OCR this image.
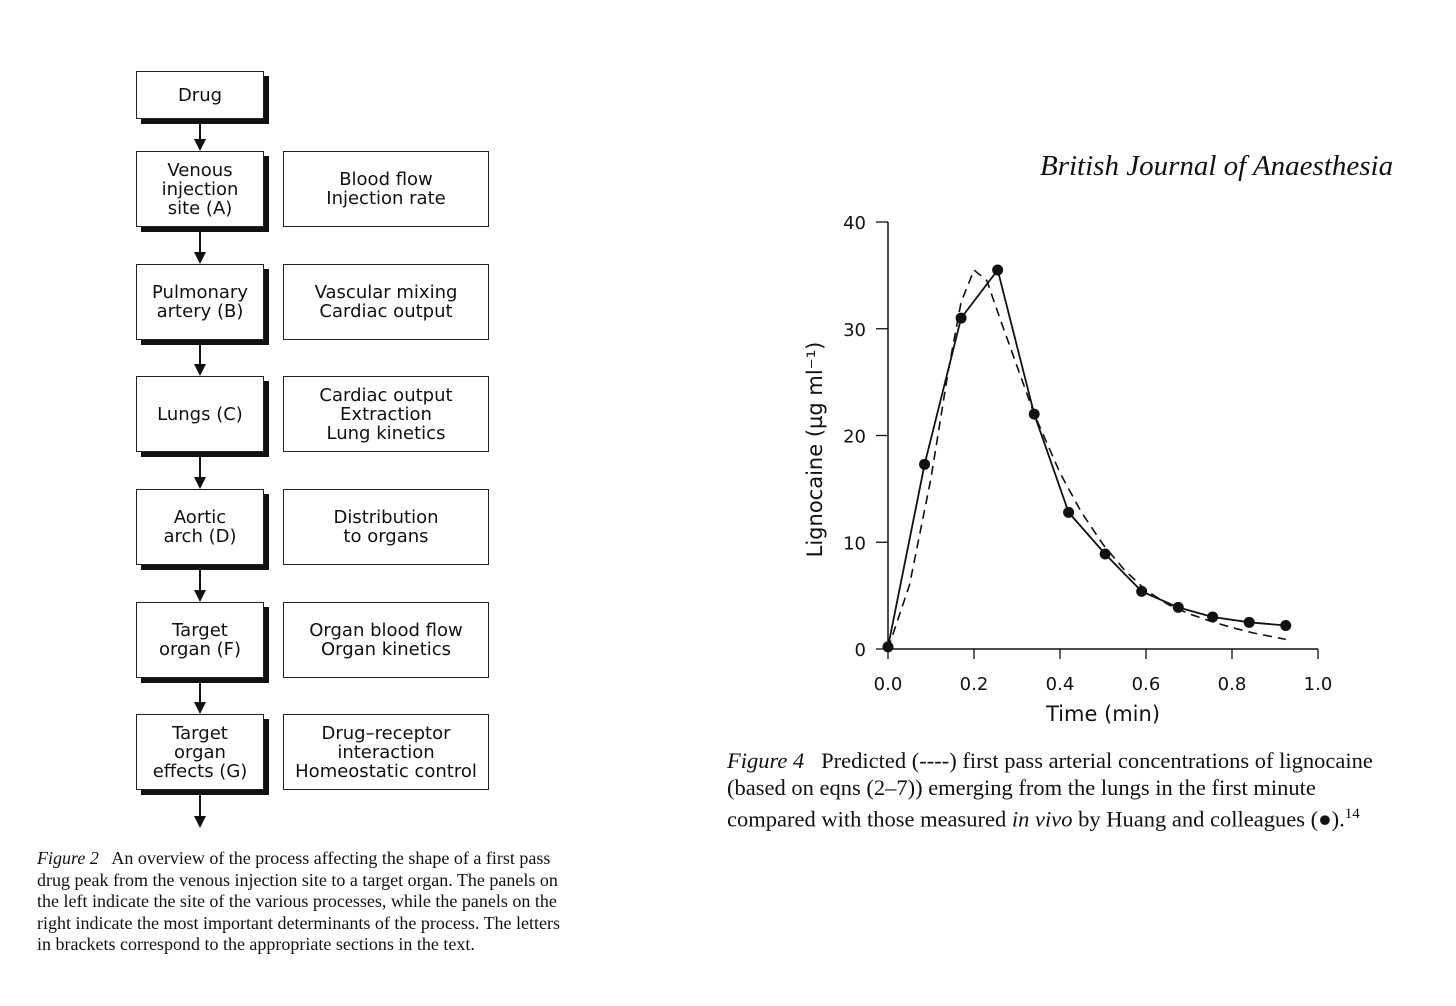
Drug
Venous
injection
site (A)
Blood flow
Injection rate
Pulmonary
artery (B)
Vascular mixing
Cardiac output
Lungs (C)
Cardiac output
Extraction
Lung kinetics
Aortic
arch (D)
Distribution
to organs
Target
organ (F)
Organ blood flow
Organ kinetics
Target
organ
effects (G)
Drug–receptor
interaction
Homeostatic control
Figure 2 An overview of the process affecting the shape of a first pass drug peak from the venous injection site to a target organ. The panels on the left indicate the site of the various processes, while the panels on the right indicate the most important determinants of the process. The letters in brackets correspond to the appropriate sections in the text.
British Journal of Anaesthesia
0
10
20
30
40
0.0	0.2	0.4	0.6	0.8	1.0
Time (min)
Lignocaine (µg ml⁻¹)
Figure 4 Predicted (----) first pass arterial concentrations of lignocaine (based on eqns (2–7)) emerging from the lungs in the first minute compared with those measured in vivo by Huang and colleagues (●).$^{14}$
